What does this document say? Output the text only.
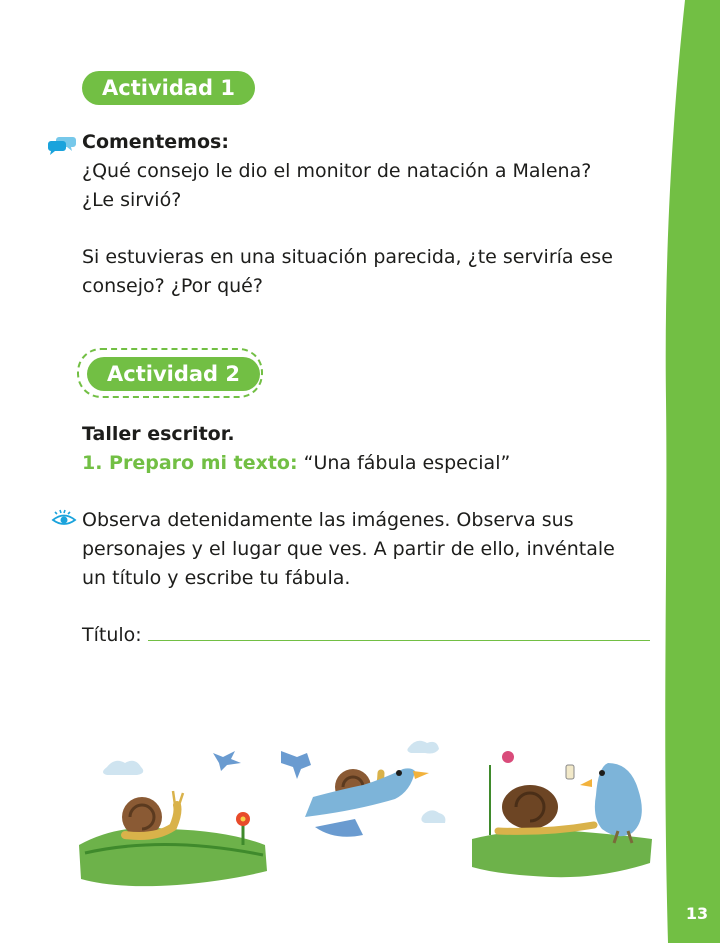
13
Actividad 1
Comentemos:
¿Qué consejo le dio el monitor de natación a Malena?
¿Le sirvió?
Si estuvieras en una situación parecida, ¿te serviría ese
consejo? ¿Por qué?
Actividad 2
Taller escritor.
1. Preparo mi texto: “Una fábula especial”
Observa detenidamente las imágenes. Observa sus
personajes y el lugar que ves. A partir de ello, invéntale
un título y escribe tu fábula.
Título:
